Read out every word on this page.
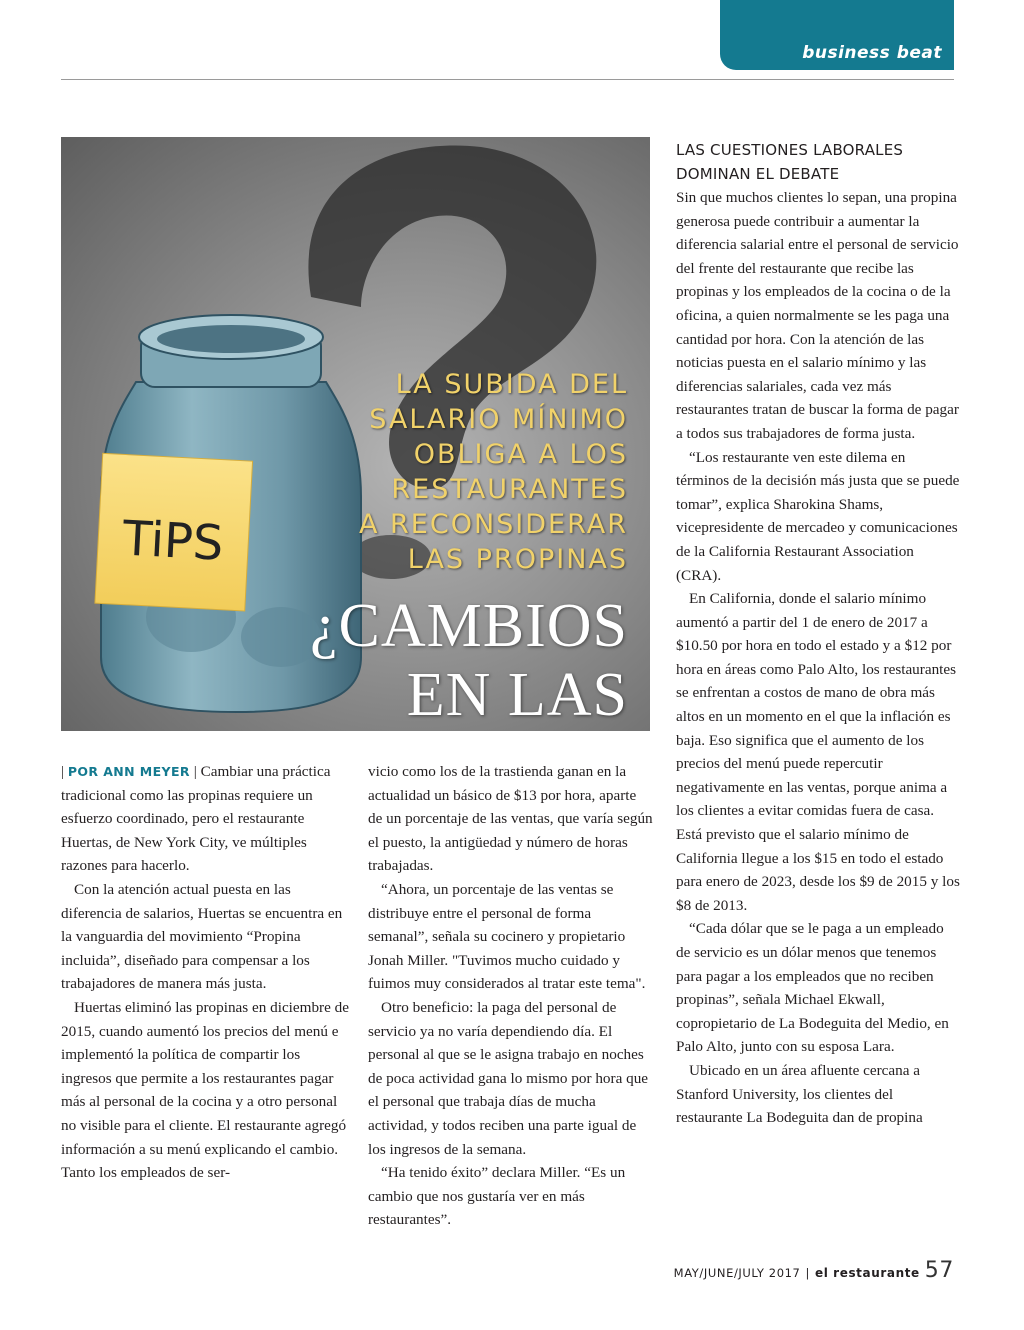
business beat
TiPS
LA SUBIDA DEL
SALARIO MÍNIMO
OBLIGA A LOS
RESTAURANTES
A RECONSIDERAR
LAS PROPINAS
¿CAMBIOS
EN LAS

| POR ANN MEYER | Cambiar una práctica tradicional como las propinas requiere un esfuerzo coordinado, pero el restaurante Huertas, de New York City, ve múltiples razones para hacerlo.

Con la atención actual puesta en las diferencia de salarios, Huertas se encuentra en la vanguardia del movimiento “Propina incluida”, diseñado para compensar a los trabajadores de manera más justa.

Huertas eliminó las propinas en diciembre de 2015, cuando aumentó los precios del menú e implementó la política de compartir los ingresos que permite a los restaurantes pagar más al personal de la cocina y a otro personal no visible para el cliente. El restaurante agregó información a su menú explicando el cambio. Tanto los empleados de ser-

vicio como los de la trastienda ganan en la actualidad un básico de $13 por hora, aparte de un porcentaje de las ventas, que varía según el puesto, la antigüedad y número de horas trabajadas.

“Ahora, un porcentaje de las ventas se distribuye entre el personal de forma semanal”, señala su cocinero y propietario Jonah Miller. "Tuvimos mucho cuidado y fuimos muy considerados al tratar este tema".

Otro beneficio: la paga del personal de servicio ya no varía dependiendo día. El personal al que se le asigna trabajo en noches de poca actividad gana lo mismo por hora que el personal que trabaja días de mucha actividad, y todos reciben una parte igual de los ingresos de la semana.

“Ha tenido éxito” declara Miller. “Es un cambio que nos gustaría ver en más restaurantes”.

LAS CUESTIONES LABORALES DOMINAN EL DEBATE

Sin que muchos clientes lo sepan, una propina generosa puede contribuir a aumentar la diferencia salarial entre el personal de servicio del frente del restaurante que recibe las propinas y los empleados de la cocina o de la oficina, a quien normalmente se les paga una cantidad por hora. Con la atención de las noticias puesta en el salario mínimo y las diferencias salariales, cada vez más restaurantes tratan de buscar la forma de pagar a todos sus trabajadores de forma justa.

“Los restaurante ven este dilema en términos de la decisión más justa que se puede tomar”, explica Sharokina Shams, vicepresidente de mercadeo y comunicaciones de la California Restaurant Association (CRA).

En California, donde el salario mínimo aumentó a partir del 1 de enero de 2017 a $10.50 por hora en todo el estado y a $12 por hora en áreas como Palo Alto, los restaurantes se enfrentan a costos de mano de obra más altos en un momento en el que la inflación es baja. Eso significa que el aumento de los precios del menú puede repercutir negativamente en las ventas, porque anima a los clientes a evitar comidas fuera de casa. Está previsto que el salario mínimo de California llegue a los $15 en todo el estado para enero de 2023, desde los $9 de 2015 y los $8 de 2013.

“Cada dólar que se le paga a un empleado de servicio es un dólar menos que tenemos para pagar a los empleados que no reciben propinas”, señala Michael Ekwall, copropietario de La Bodeguita del Medio, en Palo Alto, junto con su esposa Lara.

Ubicado en un área afluente cercana a Stanford University, los clientes del restaurante La Bodeguita dan de propina

MAY/JUNE/JULY 2017 | el restaurante 57
